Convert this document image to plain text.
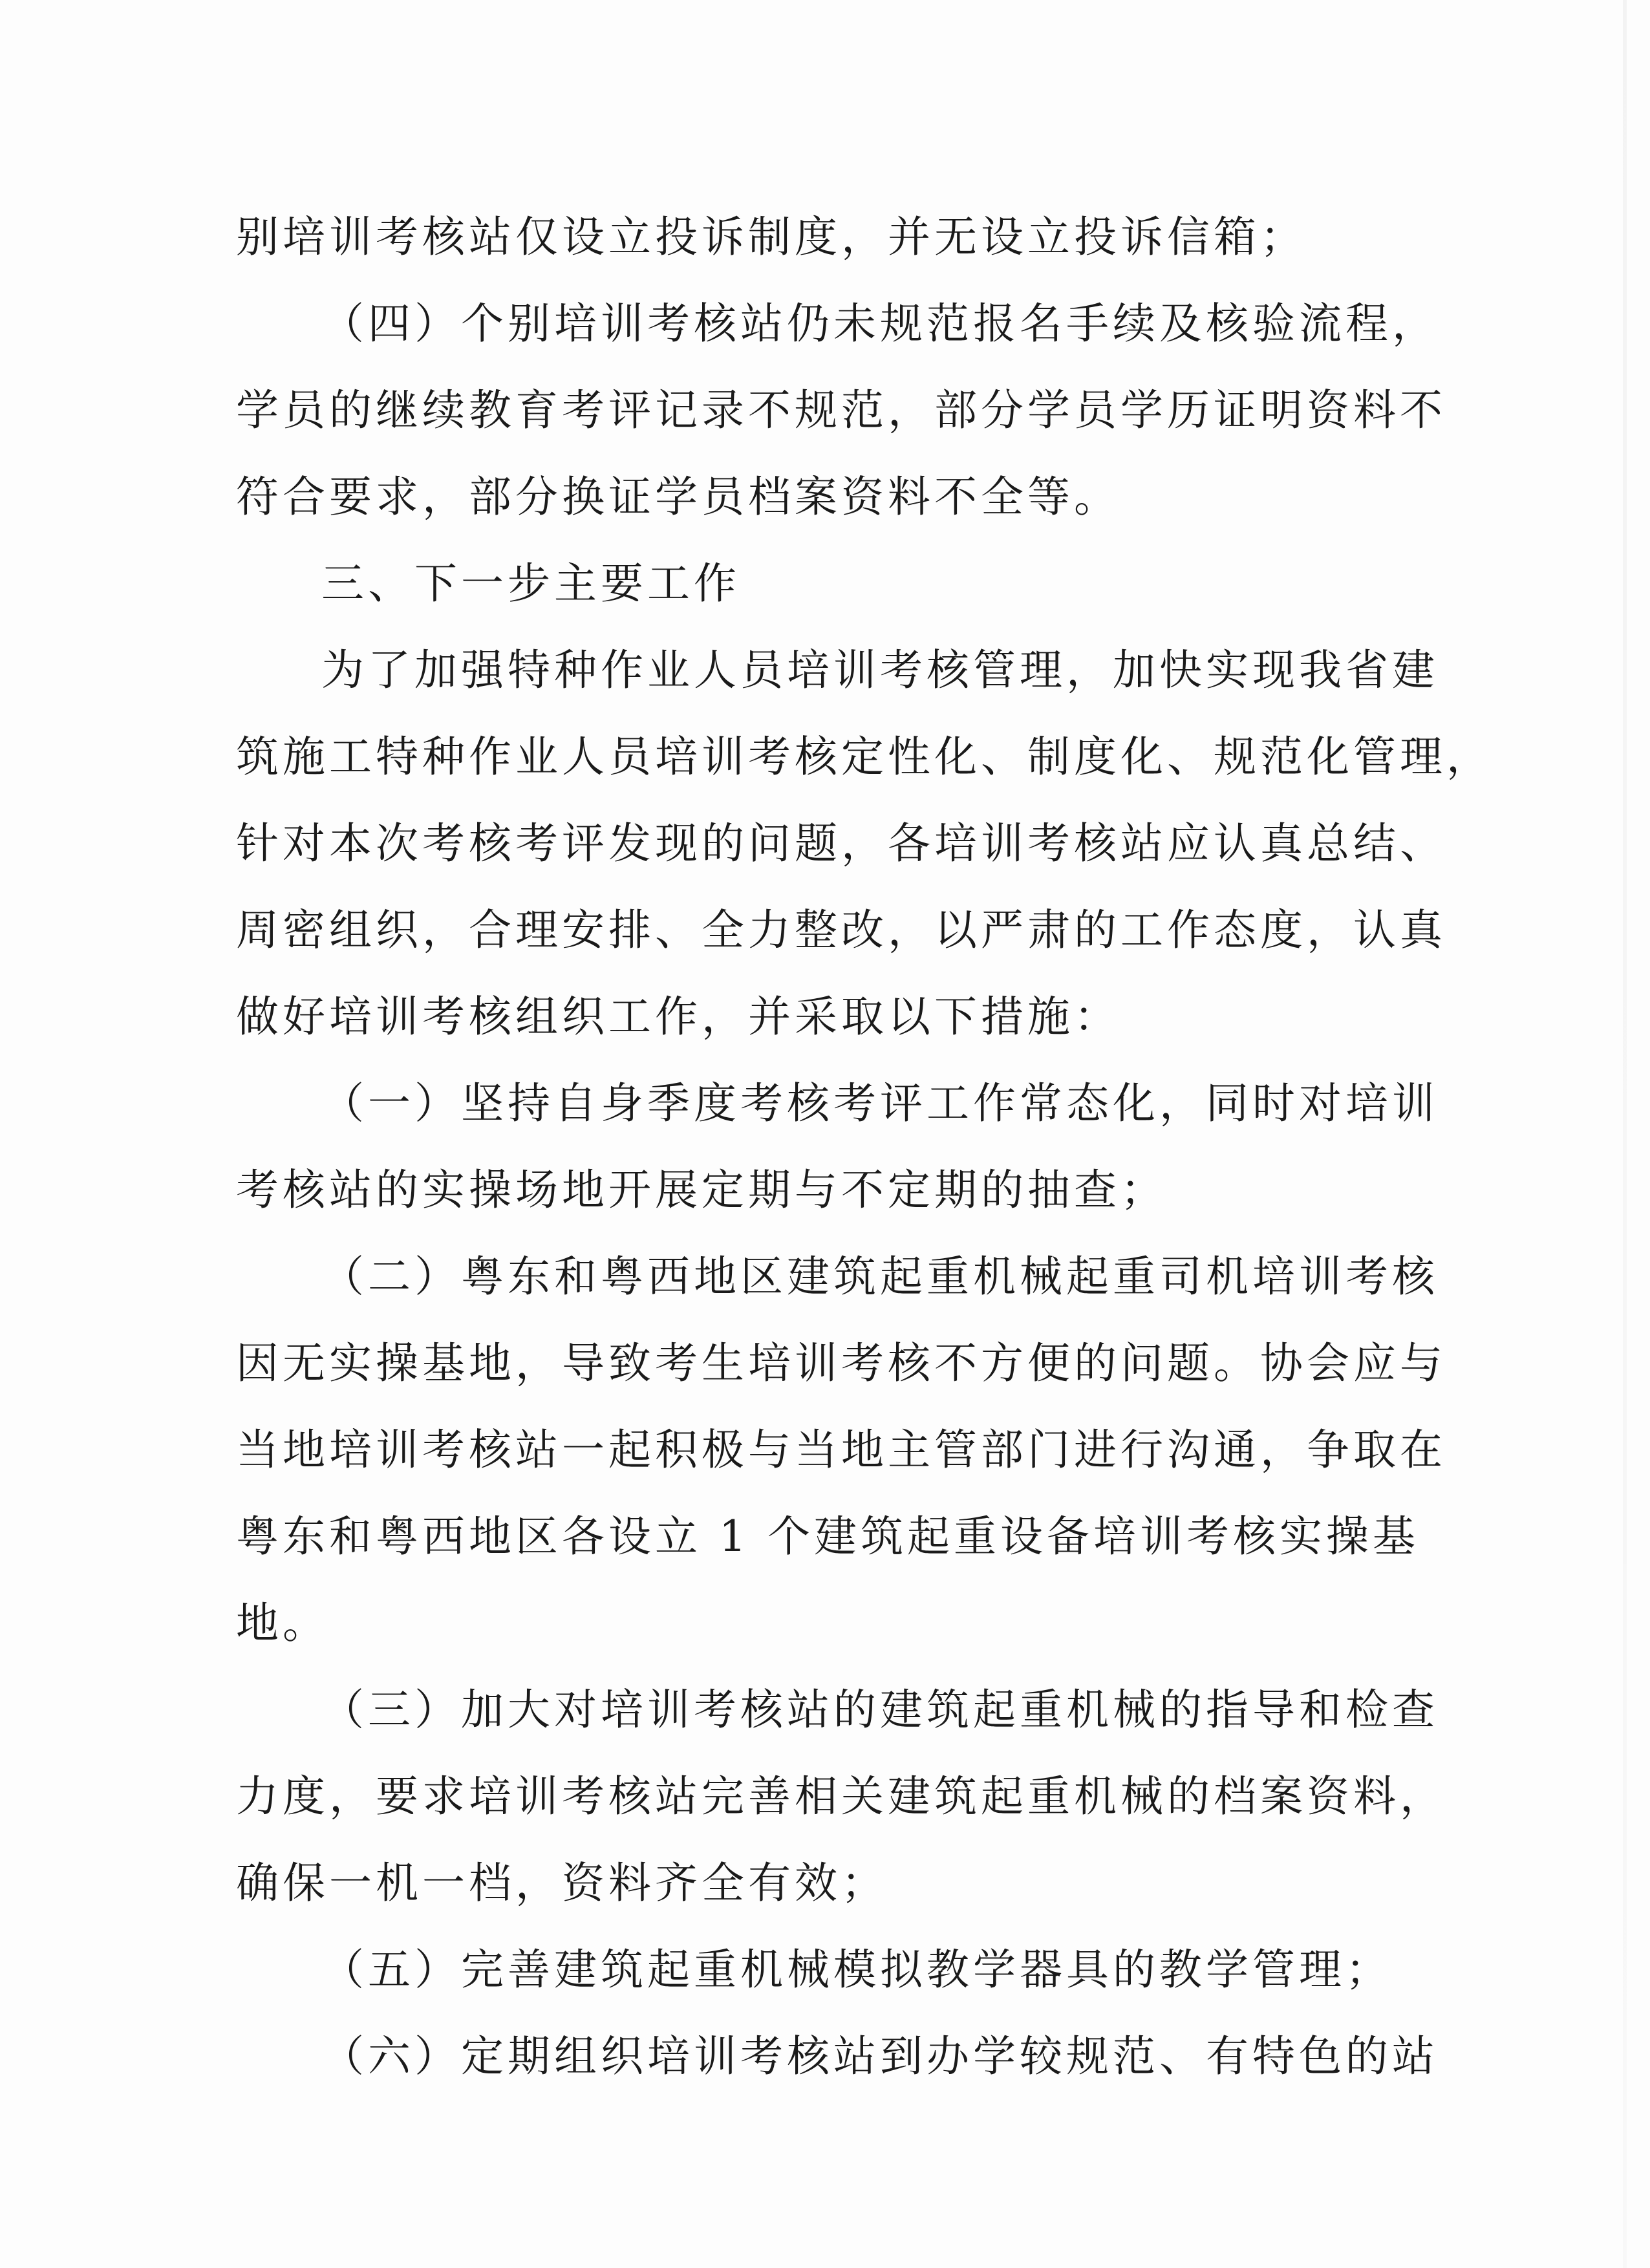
别培训考核站仅设立投诉制度，并无设立投诉信箱；
（四）个别培训考核站仍未规范报名手续及核验流程，
学员的继续教育考评记录不规范，部分学员学历证明资料不
符合要求，部分换证学员档案资料不全等。
三、下一步主要工作
为了加强特种作业人员培训考核管理，加快实现我省建
筑施工特种作业人员培训考核定性化、制度化、规范化管理，
针对本次考核考评发现的问题，各培训考核站应认真总结、
周密组织，合理安排、全力整改，以严肃的工作态度，认真
做好培训考核组织工作，并采取以下措施：
（一）坚持自身季度考核考评工作常态化，同时对培训
考核站的实操场地开展定期与不定期的抽查；
（二）粤东和粤西地区建筑起重机械起重司机培训考核
因无实操基地，导致考生培训考核不方便的问题。协会应与
当地培训考核站一起积极与当地主管部门进行沟通，争取在
粤东和粤西地区各设立 1 个建筑起重设备培训考核实操基
地。
（三）加大对培训考核站的建筑起重机械的指导和检查
力度，要求培训考核站完善相关建筑起重机械的档案资料，
确保一机一档，资料齐全有效；
（五）完善建筑起重机械模拟教学器具的教学管理；
（六）定期组织培训考核站到办学较规范、有特色的站
